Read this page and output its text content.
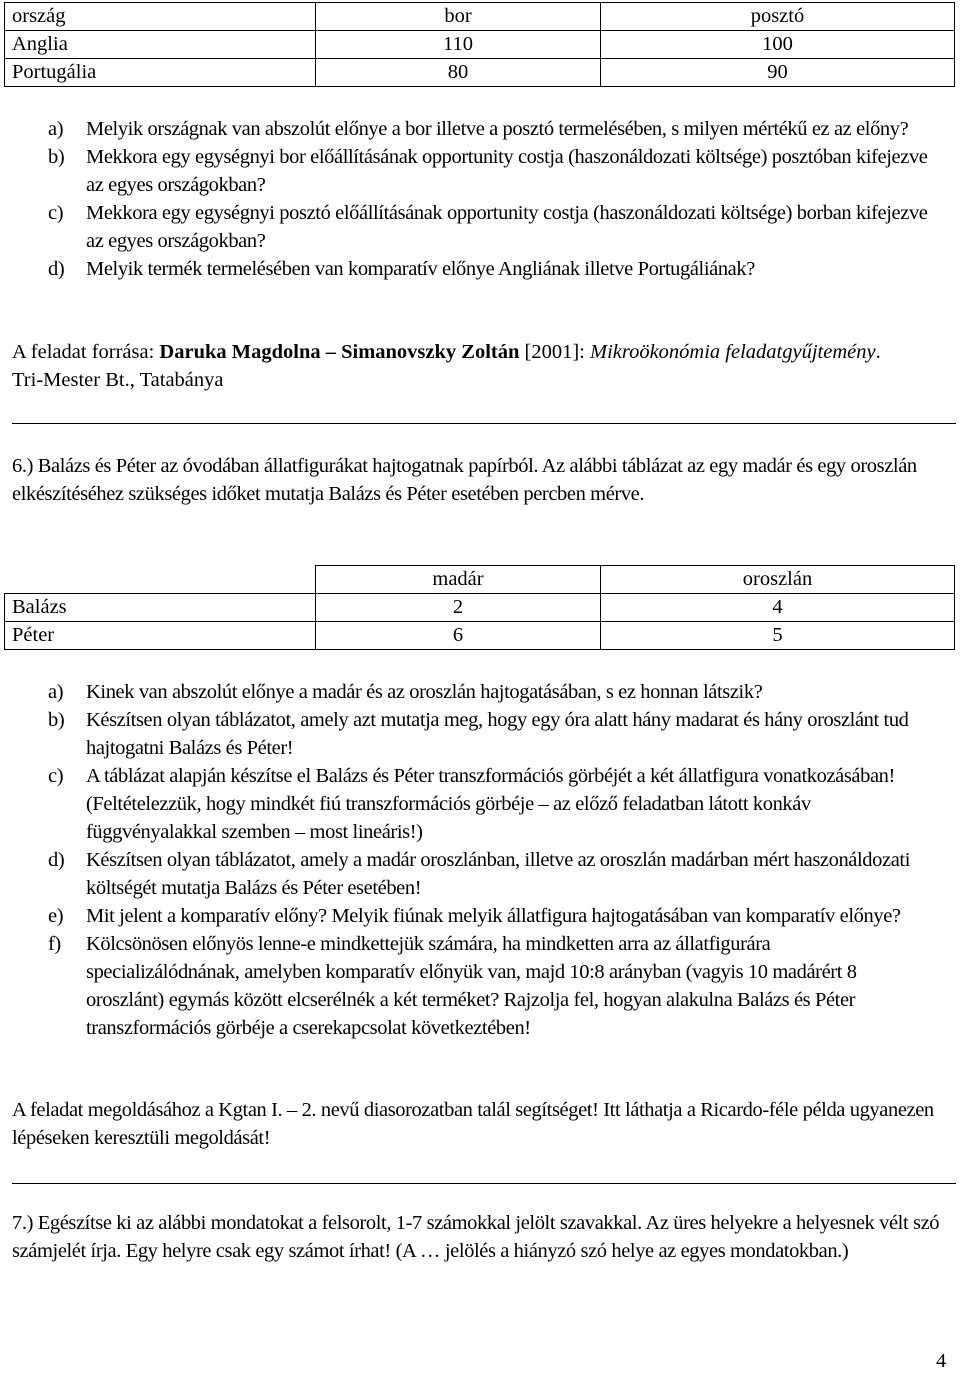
ország	bor	posztó
Anglia	110	100
Portugália	80	90
a) Melyik országnak van abszolút előnye a bor illetve a posztó termelésében, s milyen mértékű ez az előny?
b) Mekkora egy egységnyi bor előállításának opportunity costja (haszonáldozati költsége) posztóban kifejezve az egyes országokban?
c) Mekkora egy egységnyi posztó előállításának opportunity costja (haszonáldozati költsége) borban kifejezve az egyes országokban?
d) Melyik termék termelésében van komparatív előnye Angliának illetve Portugáliának?

A feladat forrása: Daruka Magdolna – Simanovszky Zoltán [2001]: Mikroökonómia feladatgyűjtemény. Tri-Mester Bt., Tatabánya

6.) Balázs és Péter az óvodában állatfigurákat hajtogatnak papírból. Az alábbi táblázat az egy madár és egy oroszlán elkészítéséhez szükséges időket mutatja Balázs és Péter esetében percben mérve.

	madár	oroszlán
Balázs	2	4
Péter	6	5
a) Kinek van abszolút előnye a madár és az oroszlán hajtogatásában, s ez honnan látszik?
b) Készítsen olyan táblázatot, amely azt mutatja meg, hogy egy óra alatt hány madarat és hány oroszlánt tud hajtogatni Balázs és Péter!
c) A táblázat alapján készítse el Balázs és Péter transzformációs görbéjét a két állatfigura vonatkozásában! (Feltételezzük, hogy mindkét fiú transzformációs görbéje – az előző feladatban látott konkáv függvényalakkal szemben – most lineáris!)
d) Készítsen olyan táblázatot, amely a madár oroszlánban, illetve az oroszlán madárban mért haszonáldozati költségét mutatja Balázs és Péter esetében!
e) Mit jelent a komparatív előny? Melyik fiúnak melyik állatfigura hajtogatásában van komparatív előnye?
f) Kölcsönösen előnyös lenne-e mindkettejük számára, ha mindketten arra az állatfigurára specializálódnának, amelyben komparatív előnyük van, majd 10:8 arányban (vagyis 10 madárért 8 oroszlánt) egymás között elcserélnék a két terméket? Rajzolja fel, hogyan alakulna Balázs és Péter transzformációs görbéje a cserekapcsolat következtében!

A feladat megoldásához a Kgtan I. – 2. nevű diasorozatban talál segítséget! Itt láthatja a Ricardo-féle példa ugyanezen lépéseken keresztüli megoldását!

7.) Egészítse ki az alábbi mondatokat a felsorolt, 1-7 számokkal jelölt szavakkal. Az üres helyekre a helyesnek vélt szó számjelét írja. Egy helyre csak egy számot írhat! (A … jelölés a hiányzó szó helye az egyes mondatokban.)

4
